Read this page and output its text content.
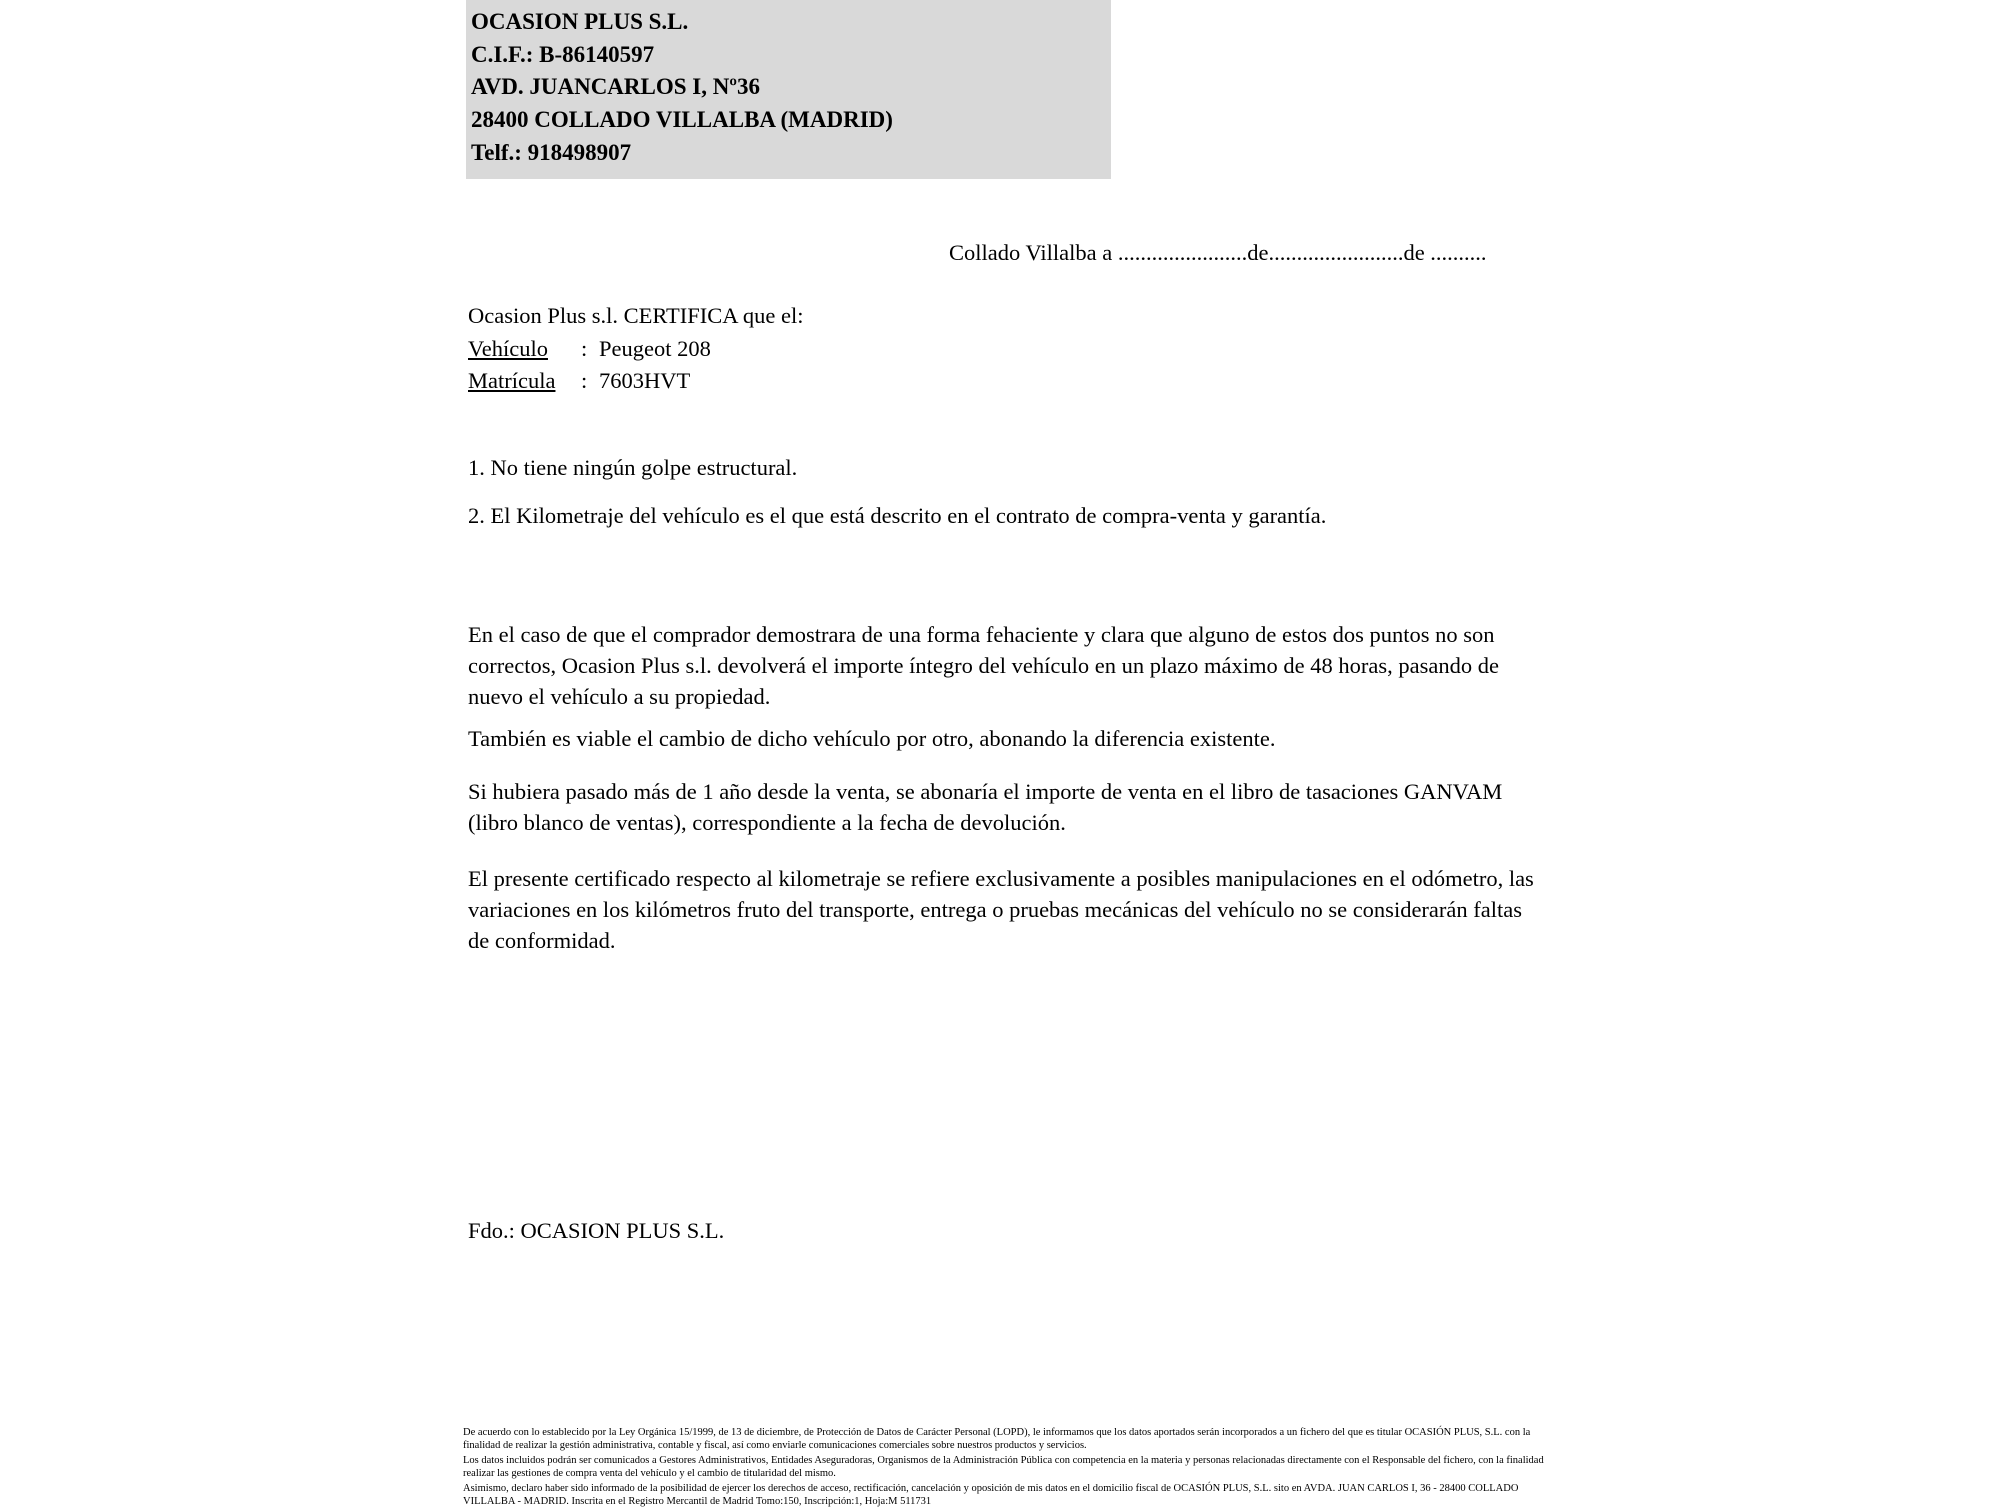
OCASION PLUS S.L.
C.I.F.: B-86140597
AVD. JUANCARLOS I, Nº36
28400 COLLADO VILLALBA (MADRID)
Telf.: 918498907
Collado Villalba a .......................de........................de ..........
Ocasion Plus s.l. CERTIFICA que el:
Vehículo	: Peugeot 208
Matrícula	: 7603HVT
1. No tiene ningún golpe estructural.
2. El Kilometraje del vehículo es el que está descrito en el contrato de compra-venta y garantía.
En el caso de que el comprador demostrara de una forma fehaciente y clara que alguno de estos dos puntos no son correctos, Ocasion Plus s.l. devolverá el importe íntegro del vehículo en un plazo máximo de 48 horas, pasando de nuevo el vehículo a su propiedad.
También es viable el cambio de dicho vehículo por otro, abonando la diferencia existente.
Si hubiera pasado más de 1 año desde la venta, se abonaría el importe de venta en el libro de tasaciones GANVAM (libro blanco de ventas), correspondiente a la fecha de devolución.
El presente certificado respecto al kilometraje se refiere exclusivamente a posibles manipulaciones en el odómetro, las variaciones en los kilómetros fruto del transporte, entrega o pruebas mecánicas del vehículo no se considerarán faltas de conformidad.
Fdo.: OCASION PLUS S.L.

De acuerdo con lo establecido por la Ley Orgánica 15/1999, de 13 de diciembre, de Protección de Datos de Carácter Personal (LOPD), le informamos que los datos aportados serán incorporados a un fichero del que es titular OCASIÓN PLUS, S.L. con la finalidad de realizar la gestión administrativa, contable y fiscal, así como enviarle comunicaciones comerciales sobre nuestros productos y servicios.

Los datos incluidos podrán ser comunicados a Gestores Administrativos, Entidades Aseguradoras, Organismos de la Administración Pública con competencia en la materia y personas relacionadas directamente con el Responsable del fichero, con la finalidad realizar las gestiones de compra venta del vehículo y el cambio de titularidad del mismo.

Asimismo, declaro haber sido informado de la posibilidad de ejercer los derechos de acceso, rectificación, cancelación y oposición de mis datos en el domicilio fiscal de OCASIÓN PLUS, S.L. sito en AVDA. JUAN CARLOS I, 36 - 28400 COLLADO VILLALBA - MADRID. Inscrita en el Registro Mercantil de Madrid Tomo:150, Inscripción:1, Hoja:M 511731
